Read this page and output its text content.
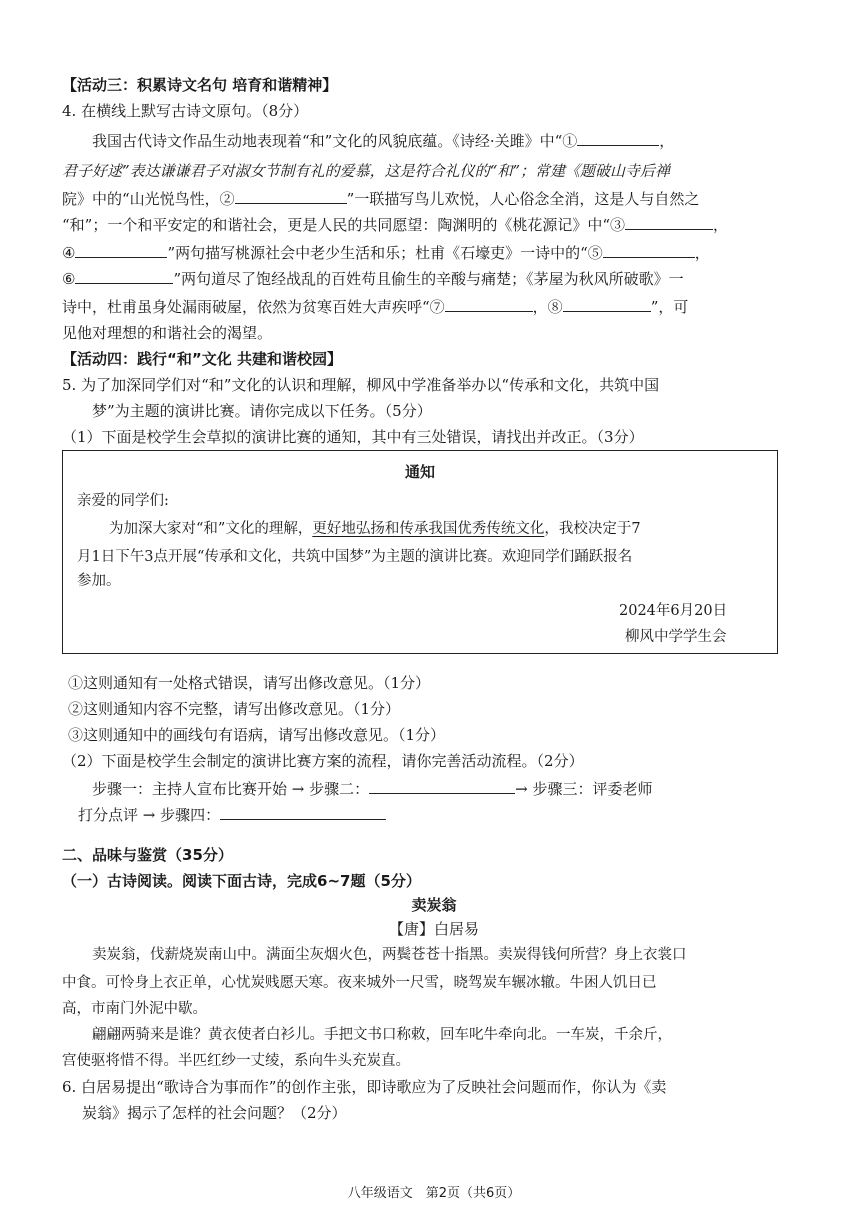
【活动三：积累诗文名句 培育和谐精神】
4. 在横线上默写古诗文原句。（8分）
我国古代诗文作品生动地表现着“和”文化的风貌底蕴。《诗经·关雎》中“①	，
君子好逑”表达谦谦君子对淑女节制有礼的爱慕，这是符合礼仪的“和”；常建《题破山寺后禅
院》中的“山光悦鸟性，②	”一联描写鸟儿欢悦，人心俗念全消，这是人与自然之
“和”；一个和平安定的和谐社会，更是人民的共同愿望：陶渊明的《桃花源记》中“③	，
④	”两句描写桃源社会中老少生活和乐；杜甫《石壕吏》一诗中的“⑤	，
⑥	”两句道尽了饱经战乱的百姓苟且偷生的辛酸与痛楚；《茅屋为秋风所破歌》一
诗中，杜甫虽身处漏雨破屋，依然为贫寒百姓大声疾呼“⑦	，⑧	”，可
见他对理想的和谐社会的渴望。
【活动四：践行“和”文化 共建和谐校园】
5. 为了加深同学们对“和”文化的认识和理解，柳风中学准备举办以“传承和文化，共筑中国
梦”为主题的演讲比赛。请你完成以下任务。（5分）
（1）下面是校学生会草拟的演讲比赛的通知，其中有三处错误，请找出并改正。（3分）
通知
亲爱的同学们:
为加深大家对“和”文化的理解，更好地弘扬和传承我国优秀传统文化，我校决定于7
月1日下午3点开展“传承和文化，共筑中国梦”为主题的演讲比赛。欢迎同学们踊跃报名
参加。
2024年6月20日
柳风中学学生会
①这则通知有一处格式错误，请写出修改意见。（1分）
②这则通知内容不完整，请写出修改意见。（1分）
③这则通知中的画线句有语病，请写出修改意见。（1分）
（2）下面是校学生会制定的演讲比赛方案的流程，请你完善活动流程。（2分）
步骤一：主持人宣布比赛开始 → 步骤二：	→ 步骤三：评委老师
打分点评 → 步骤四：
二、品味与鉴赏（35分）
（一）古诗阅读。阅读下面古诗，完成6~7题（5分）
卖炭翁
【唐】白居易
卖炭翁，伐薪烧炭南山中。满面尘灰烟火色，两鬓苍苍十指黑。卖炭得钱何所营？身上衣裳口
中食。可怜身上衣正单，心忧炭贱愿天寒。夜来城外一尺雪，晓驾炭车辗冰辙。牛困人饥日已
高，市南门外泥中歇。
翩翩两骑来是谁？黄衣使者白衫儿。手把文书口称敕，回车叱牛牵向北。一车炭，千余斤，
宫使驱将惜不得。半匹红纱一丈绫，系向牛头充炭直。
6. 白居易提出“歌诗合为事而作”的创作主张，即诗歌应为了反映社会问题而作，你认为《卖
炭翁》揭示了怎样的社会问题？（2分）
八年级语文　第2页（共6页）
